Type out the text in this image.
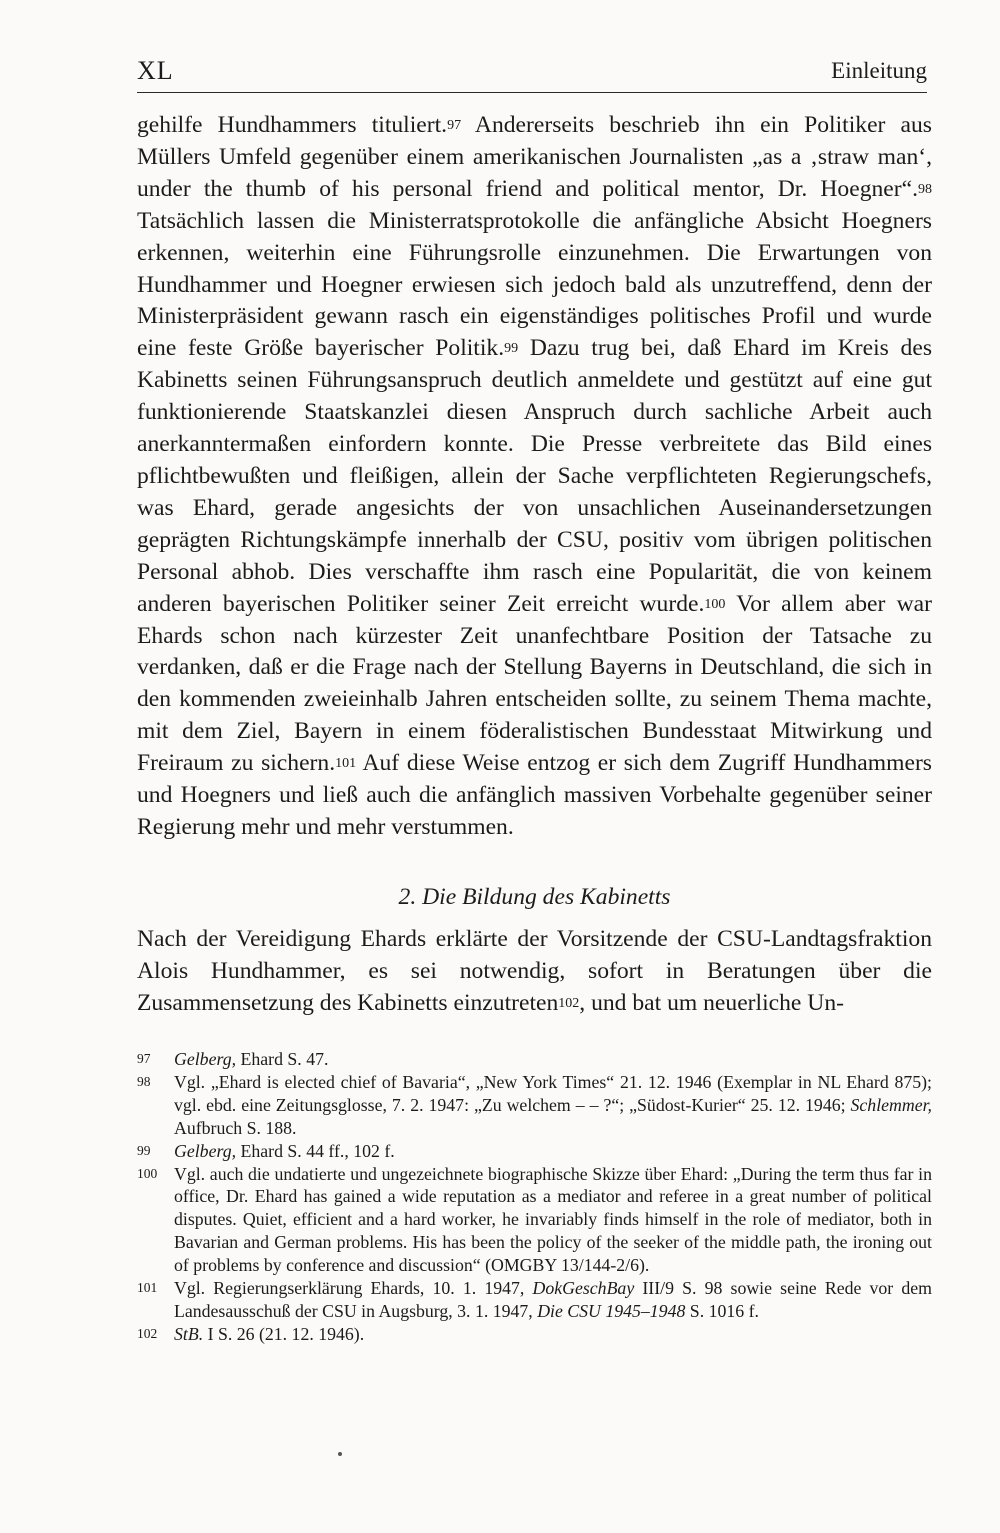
XL	Einleitung

gehilfe Hundhammers tituliert.$^{97}$ Andererseits beschrieb ihn ein Politiker aus Müllers Umfeld gegenüber einem amerikanischen Journalisten „as a ‚straw man‘, under the thumb of his personal friend and political mentor, Dr. Hoegner“.$^{98}$ Tatsächlich lassen die Ministerratsprotokolle die anfängliche Absicht Hoegners erkennen, weiterhin eine Führungsrolle einzunehmen. Die Erwartungen von Hundhammer und Hoegner erwiesen sich jedoch bald als unzutreffend, denn der Ministerpräsident gewann rasch ein eigenständiges politisches Profil und wurde eine feste Größe bayerischer Politik.$^{99}$ Dazu trug bei, daß Ehard im Kreis des Kabinetts seinen Führungsanspruch deutlich anmeldete und gestützt auf eine gut funktionierende Staatskanzlei diesen Anspruch durch sachliche Arbeit auch anerkanntermaßen einfordern konnte. Die Presse verbreitete das Bild eines pflichtbewußten und fleißigen, allein der Sache verpflichteten Regierungschefs, was Ehard, gerade angesichts der von unsachlichen Auseinandersetzungen geprägten Richtungskämpfe innerhalb der CSU, positiv vom übrigen politischen Personal abhob. Dies verschaffte ihm rasch eine Popularität, die von keinem anderen bayerischen Politiker seiner Zeit erreicht wurde.$^{100}$ Vor allem aber war Ehards schon nach kürzester Zeit unanfechtbare Position der Tatsache zu verdanken, daß er die Frage nach der Stellung Bayerns in Deutschland, die sich in den kommenden zweieinhalb Jahren entscheiden sollte, zu seinem Thema machte, mit dem Ziel, Bayern in einem föderalistischen Bundesstaat Mitwirkung und Freiraum zu sichern.$^{101}$ Auf diese Weise entzog er sich dem Zugriff Hundhammers und Hoegners und ließ auch die anfänglich massiven Vorbehalte gegenüber seiner Regierung mehr und mehr verstummen.

2. Die Bildung des Kabinetts

Nach der Vereidigung Ehards erklärte der Vorsitzende der CSU-Landtagsfraktion Alois Hundhammer, es sei notwendig, sofort in Beratungen über die Zusammensetzung des Kabinetts einzutreten$^{102}$, und bat um neuerliche Un-

97 Gelberg, Ehard S. 47.

98 Vgl. „Ehard is elected chief of Bavaria“, „New York Times“ 21. 12. 1946 (Exemplar in NL Ehard 875); vgl. ebd. eine Zeitungsglosse, 7. 2. 1947: „Zu welchem – – ?“; „Südost-Kurier“ 25. 12. 1946; Schlemmer, Aufbruch S. 188.

99 Gelberg, Ehard S. 44 ff., 102 f.

100 Vgl. auch die undatierte und ungezeichnete biographische Skizze über Ehard: „During the term thus far in office, Dr. Ehard has gained a wide reputation as a mediator and referee in a great number of political disputes. Quiet, efficient and a hard worker, he invariably finds himself in the role of mediator, both in Bavarian and German problems. His has been the policy of the seeker of the middle path, the ironing out of problems by conference and discussion“ (OMGBY 13/144-2/6).

101 Vgl. Regierungserklärung Ehards, 10. 1. 1947, DokGeschBay III/9 S. 98 sowie seine Rede vor dem Landesausschuß der CSU in Augsburg, 3. 1. 1947, Die CSU 1945–1948 S. 1016 f.

102 StB. I S. 26 (21. 12. 1946).
